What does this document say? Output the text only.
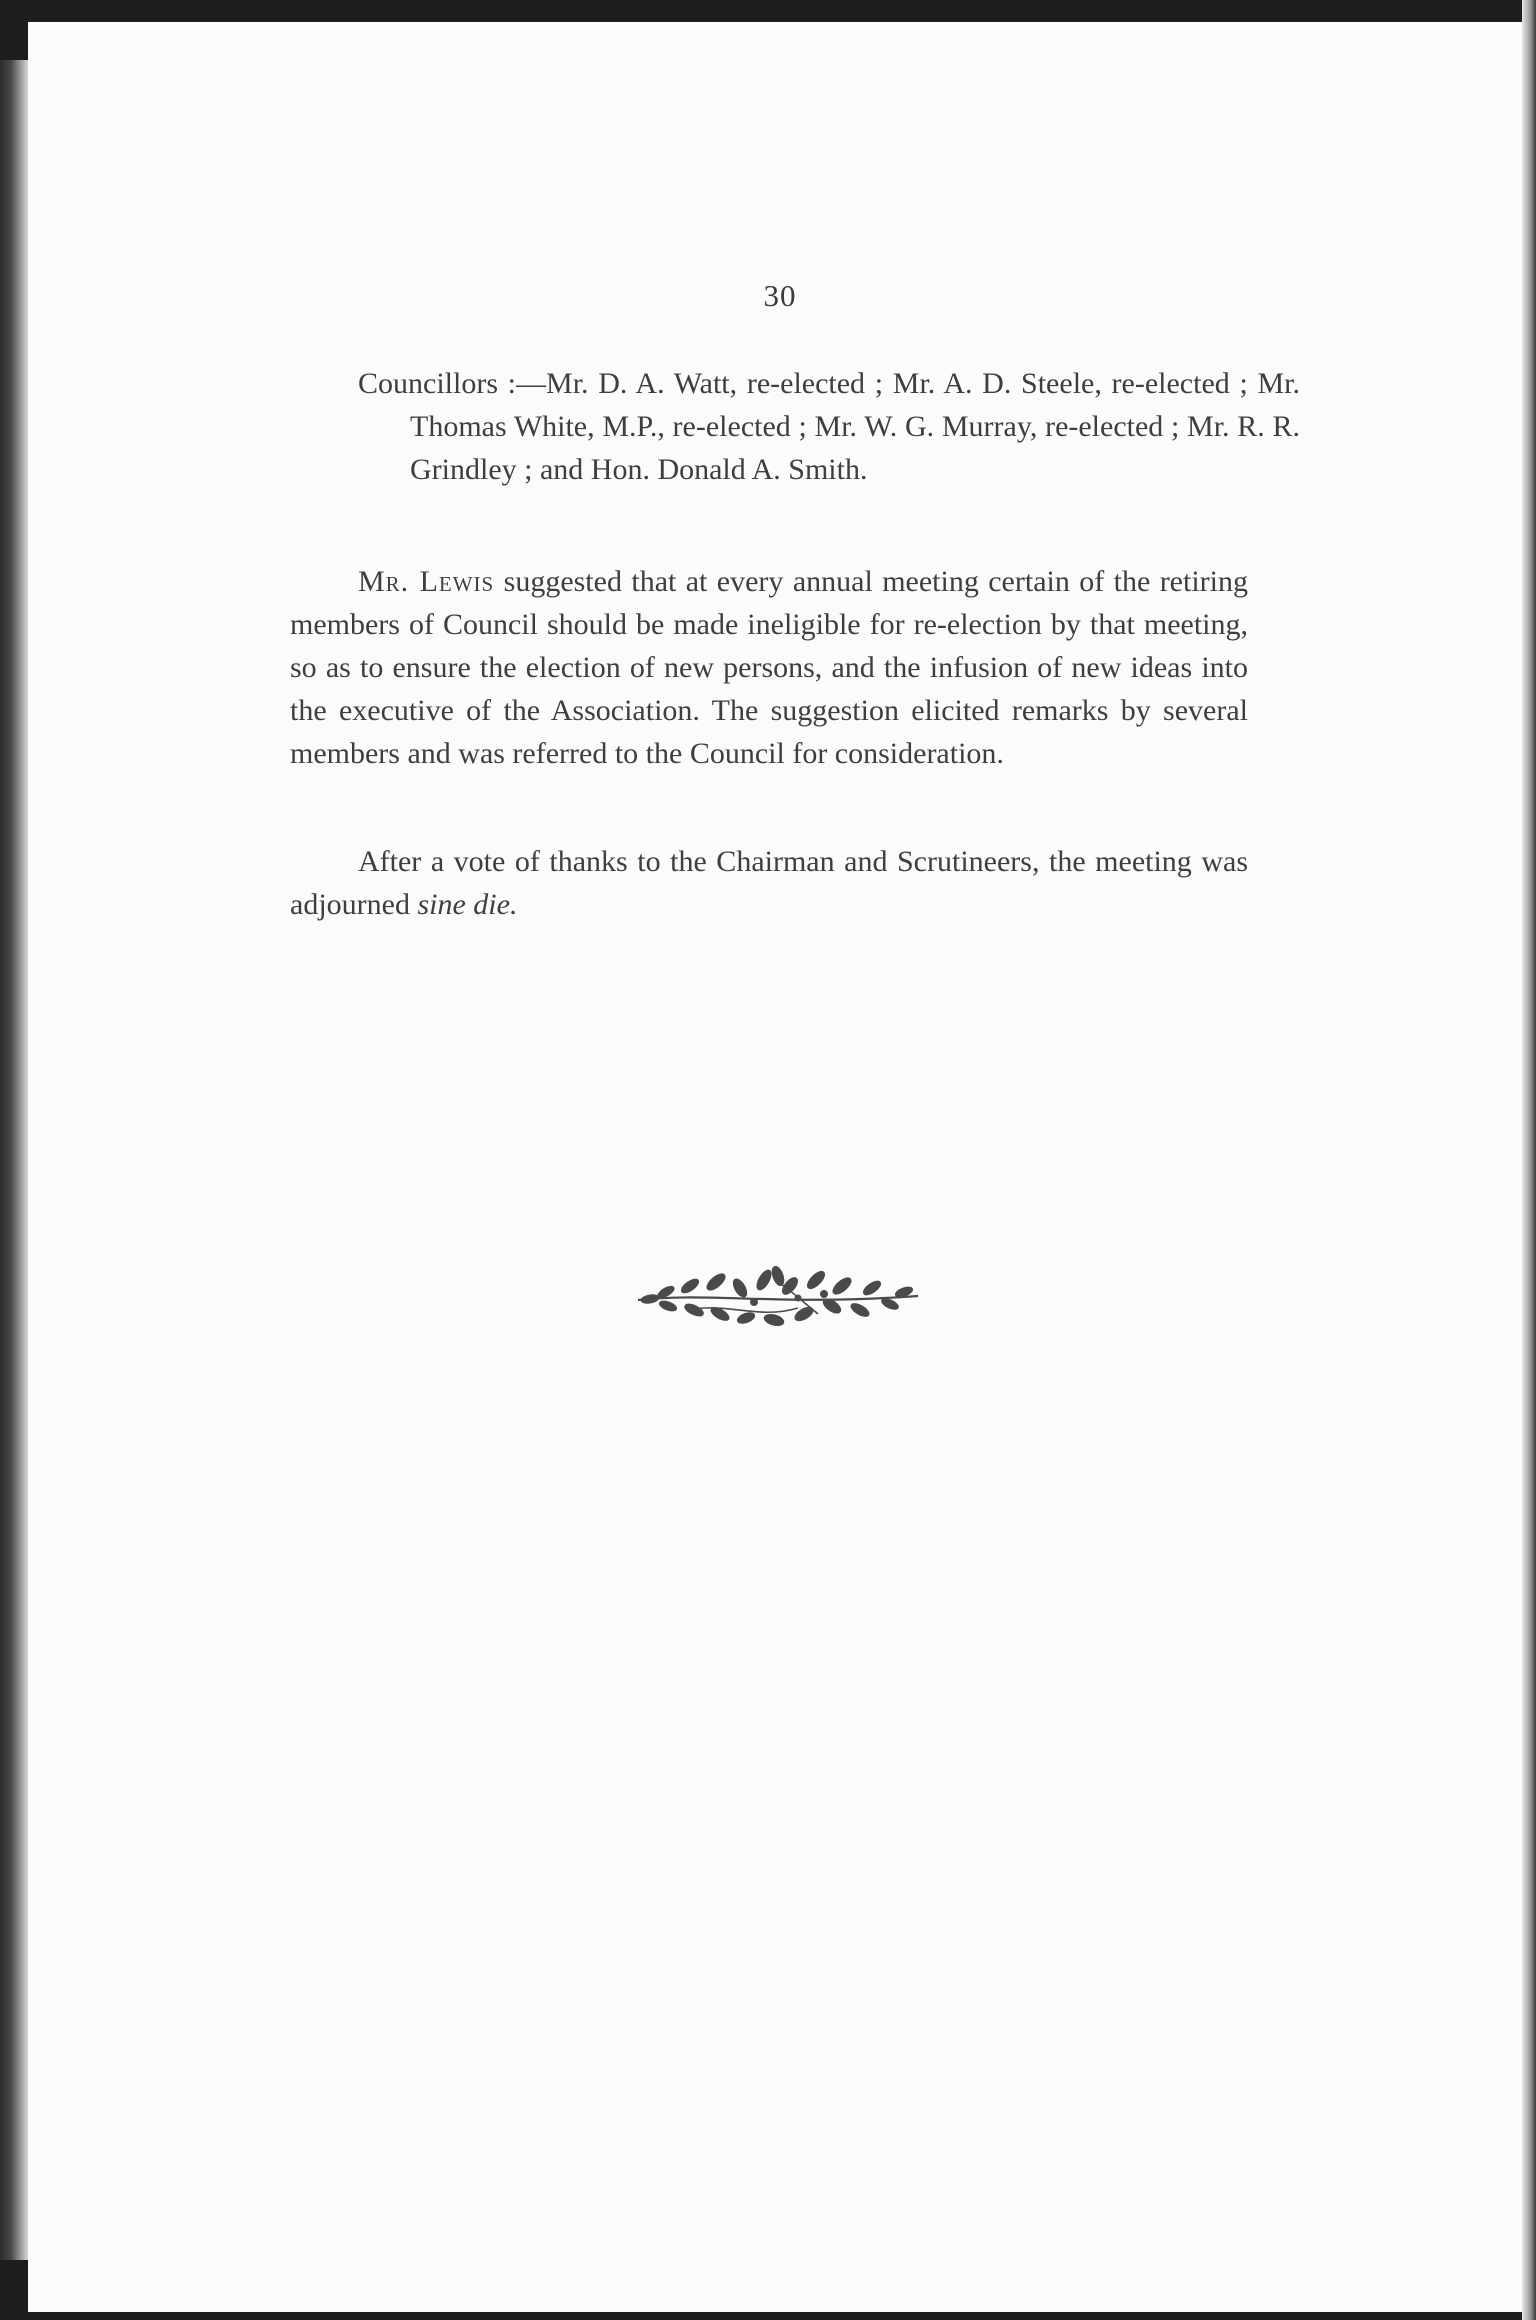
30
Councillors :—Mr. D. A. Watt, re-elected ; Mr. A. D. Steele, re-elected ; Mr. Thomas White, M.P., re-elected ; Mr. W. G. Murray, re-elected ; Mr. R. R. Grindley ; and Hon. Donald A. Smith.
Mr. Lewis suggested that at every annual meeting certain of the retiring members of Council should be made ineligible for re-election by that meeting, so as to ensure the election of new persons, and the infusion of new ideas into the executive of the Association. The suggestion elicited remarks by several members and was referred to the Council for consideration.
After a vote of thanks to the Chairman and Scrutineers, the meeting was adjourned sine die.
